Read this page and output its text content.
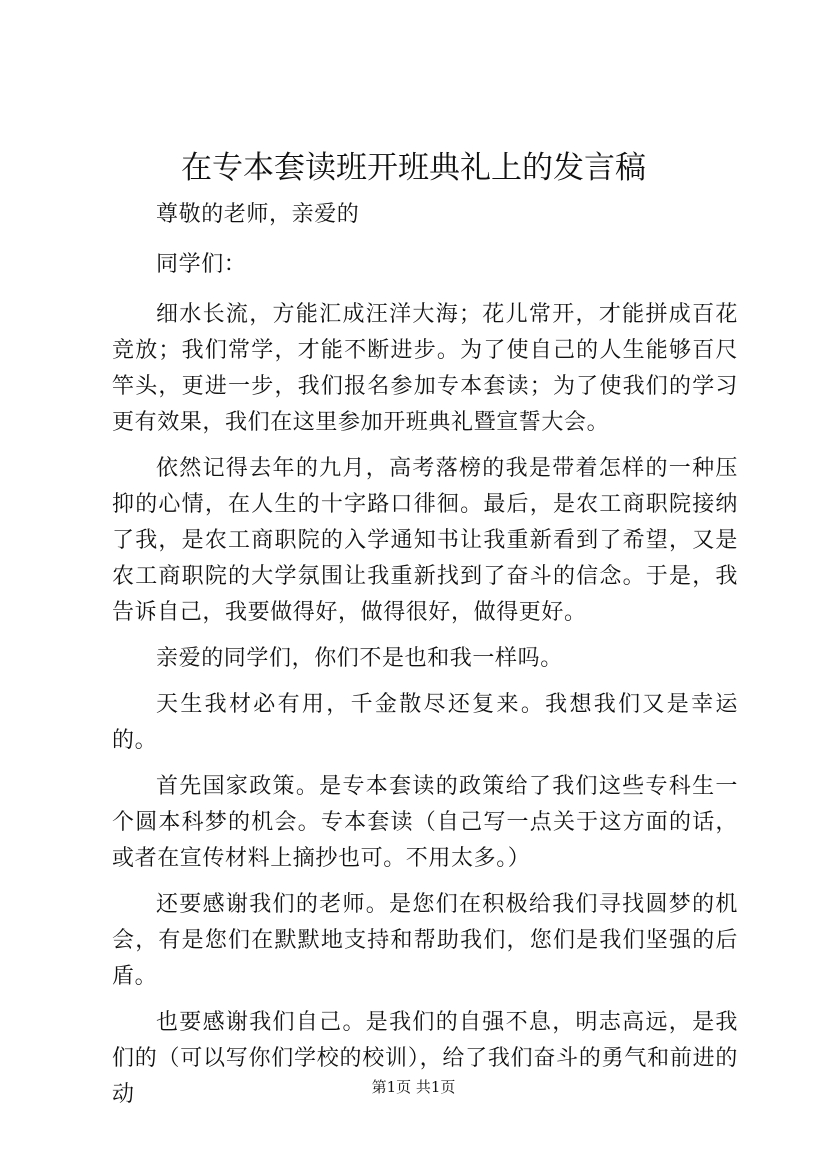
在专本套读班开班典礼上的发言稿

尊敬的老师，亲爱的

同学们：

细水长流，方能汇成汪洋大海；花儿常开，才能拼成百花竞放；我们常学，才能不断进步。为了使自己的人生能够百尺竿头，更进一步，我们报名参加专本套读；为了使我们的学习更有效果，我们在这里参加开班典礼暨宣誓大会。

依然记得去年的九月，高考落榜的我是带着怎样的一种压抑的心情，在人生的十字路口徘徊。最后，是农工商职院接纳了我，是农工商职院的入学通知书让我重新看到了希望，又是农工商职院的大学氛围让我重新找到了奋斗的信念。于是，我告诉自己，我要做得好，做得很好，做得更好。

亲爱的同学们，你们不是也和我一样吗。

天生我材必有用，千金散尽还复来。我想我们又是幸运的。

首先国家政策。是专本套读的政策给了我们这些专科生一个圆本科梦的机会。专本套读（自己写一点关于这方面的话，或者在宣传材料上摘抄也可。不用太多。）

还要感谢我们的老师。是您们在积极给我们寻找圆梦的机会，有是您们在默默地支持和帮助我们，您们是我们坚强的后盾。

也要感谢我们自己。是我们的自强不息，明志高远，是我们的（可以写你们学校的校训），给了我们奋斗的勇气和前进的动	第1页 共1页
